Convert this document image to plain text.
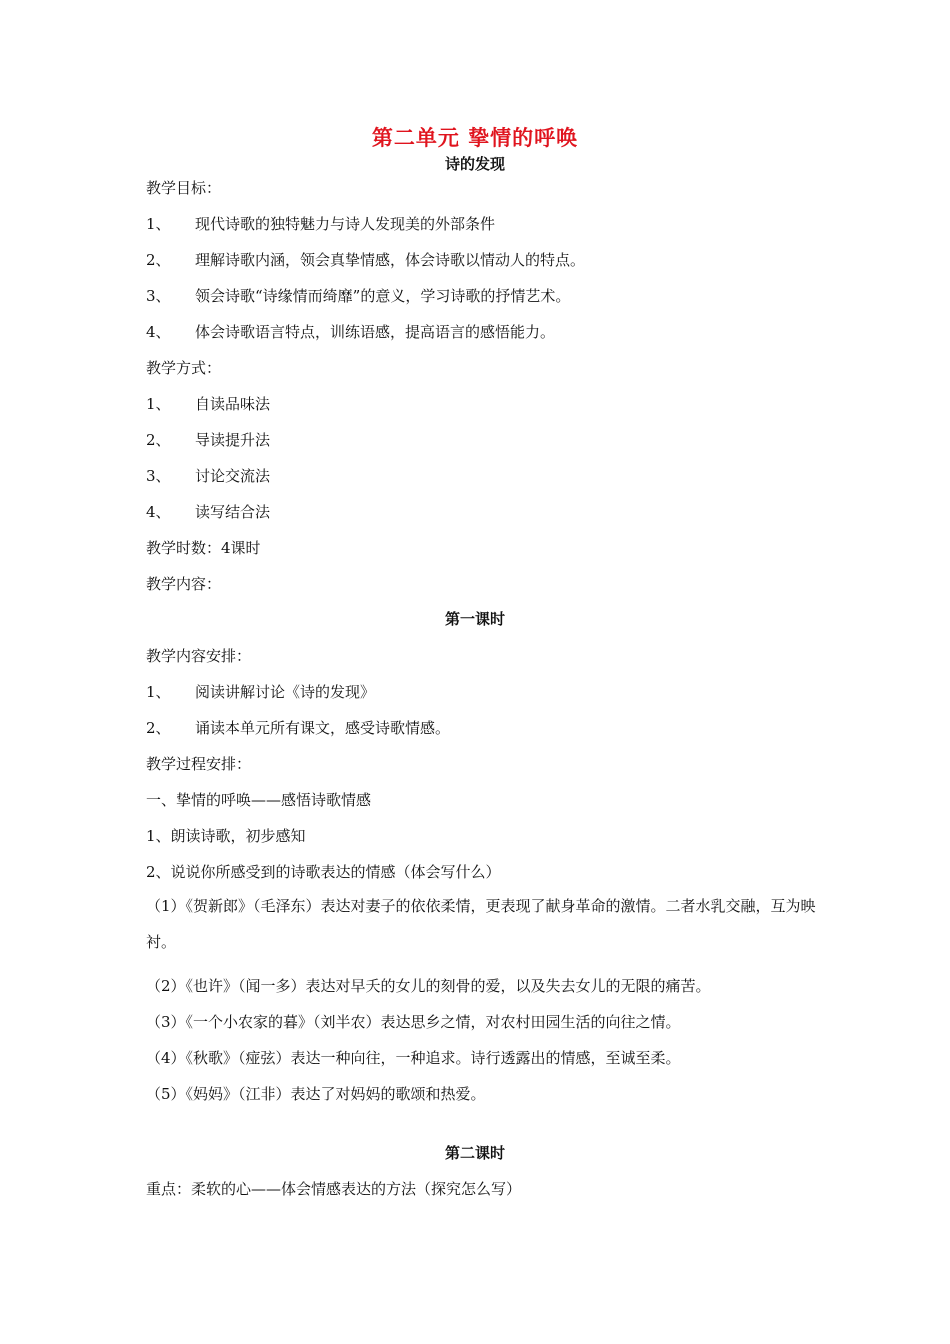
第二单元 挚情的呼唤
诗的发现
教学目标：
1、 现代诗歌的独特魅力与诗人发现美的外部条件
2、 理解诗歌内涵，领会真挚情感，体会诗歌以情动人的特点。
3、 领会诗歌“诗缘情而绮靡”的意义，学习诗歌的抒情艺术。
4、 体会诗歌语言特点，训练语感，提高语言的感悟能力。
教学方式：
1、 自读品味法
2、 导读提升法
3、 讨论交流法
4、 读写结合法
教学时数：4课时
教学内容：
第一课时
教学内容安排：
1、 阅读讲解讨论《诗的发现》
2、 诵读本单元所有课文，感受诗歌情感。
教学过程安排：
一、挚情的呼唤——感悟诗歌情感
1、朗读诗歌，初步感知
2、说说你所感受到的诗歌表达的情感（体会写什么）
（1）《贺新郎》（毛泽东）表达对妻子的依依柔情，更表现了献身革命的激情。二者水乳交融，互为映衬。
（2）《也许》（闻一多）表达对早夭的女儿的刻骨的爱，以及失去女儿的无限的痛苦。
（3）《一个小农家的暮》（刘半农）表达思乡之情，对农村田园生活的向往之情。
（4）《秋歌》（痖弦）表达一种向往，一种追求。诗行透露出的情感，至诚至柔。
（5）《妈妈》（江非）表达了对妈妈的歌颂和热爱。
第二课时
重点：柔软的心——体会情感表达的方法（探究怎么写）
